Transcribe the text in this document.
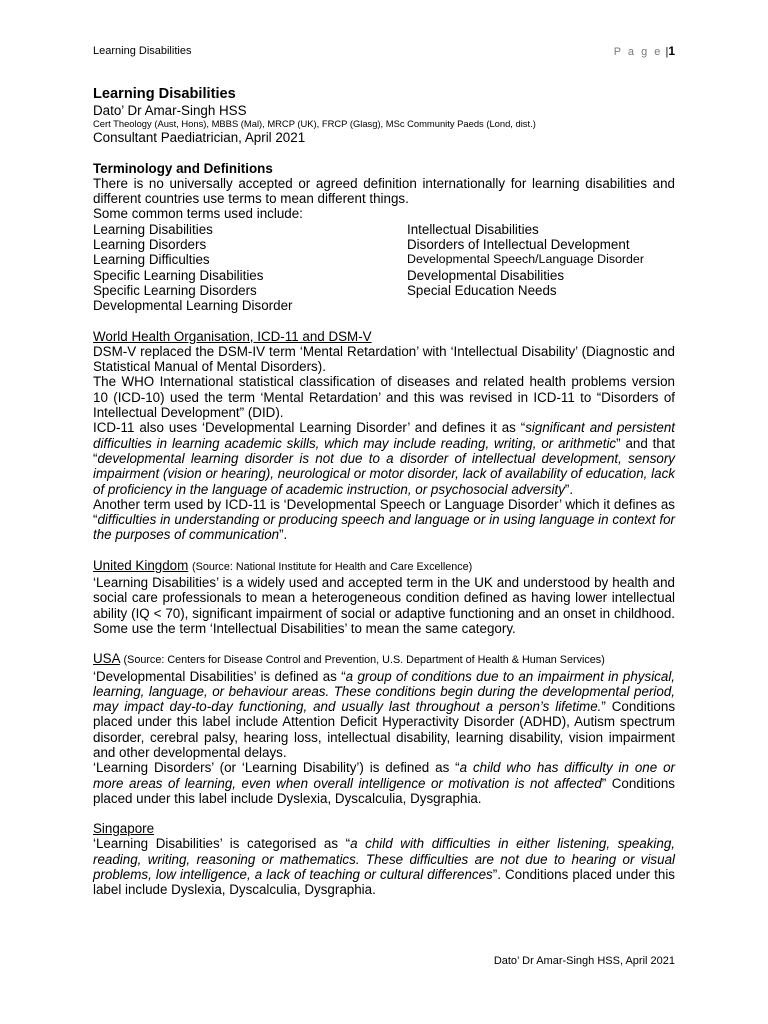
Learning Disabilities	P a g e |1

Learning Disabilities

Dato’ Dr Amar-Singh HSS

Cert Theology (Aust, Hons), MBBS (Mal), MRCP (UK), FRCP (Glasg), MSc Community Paeds (Lond, dist.)

Consultant Paediatrician, April 2021

Terminology and Definitions

There is no universally accepted or agreed definition internationally for learning disabilities and different countries use terms to mean different things.

Some common terms used include:

Learning Disabilities
Learning Disorders
Learning Difficulties
Specific Learning Disabilities
Specific Learning Disorders
Developmental Learning Disorder
Intellectual Disabilities
Disorders of Intellectual Development
Developmental Speech/Language Disorder
Developmental Disabilities
Special Education Needs

World Health Organisation, ICD-11 and DSM-V

DSM-V replaced the DSM-IV term ‘Mental Retardation’ with ‘Intellectual Disability’ (Diagnostic and Statistical Manual of Mental Disorders).

The WHO International statistical classification of diseases and related health problems version 10 (ICD-10) used the term ‘Mental Retardation’ and this was revised in ICD-11 to “Disorders of Intellectual Development” (DID).

ICD-11 also uses ‘Developmental Learning Disorder’ and defines it as “significant and persistent difficulties in learning academic skills, which may include reading, writing, or arithmetic” and that “developmental learning disorder is not due to a disorder of intellectual development, sensory impairment (vision or hearing), neurological or motor disorder, lack of availability of education, lack of proficiency in the language of academic instruction, or psychosocial adversity”.

Another term used by ICD-11 is ‘Developmental Speech or Language Disorder’ which it defines as “difficulties in understanding or producing speech and language or in using language in context for the purposes of communication”.

United Kingdom (Source: National Institute for Health and Care Excellence)

‘Learning Disabilities’ is a widely used and accepted term in the UK and understood by health and social care professionals to mean a heterogeneous condition defined as having lower intellectual ability (IQ < 70), significant impairment of social or adaptive functioning and an onset in childhood. Some use the term ‘Intellectual Disabilities’ to mean the same category.

USA (Source: Centers for Disease Control and Prevention, U.S. Department of Health & Human Services)

‘Developmental Disabilities’ is defined as “a group of conditions due to an impairment in physical, learning, language, or behaviour areas. These conditions begin during the developmental period, may impact day-to-day functioning, and usually last throughout a person’s lifetime.” Conditions placed under this label include Attention Deficit Hyperactivity Disorder (ADHD), Autism spectrum disorder, cerebral palsy, hearing loss, intellectual disability, learning disability, vision impairment and other developmental delays.

‘Learning Disorders’ (or ‘Learning Disability’) is defined as “a child who has difficulty in one or more areas of learning, even when overall intelligence or motivation is not affected” Conditions placed under this label include Dyslexia, Dyscalculia, Dysgraphia.

Singapore

‘Learning Disabilities’ is categorised as “a child with difficulties in either listening, speaking, reading, writing, reasoning or mathematics. These difficulties are not due to hearing or visual problems, low intelligence, a lack of teaching or cultural differences”. Conditions placed under this label include Dyslexia, Dyscalculia, Dysgraphia.

Dato’ Dr Amar-Singh HSS, April 2021
